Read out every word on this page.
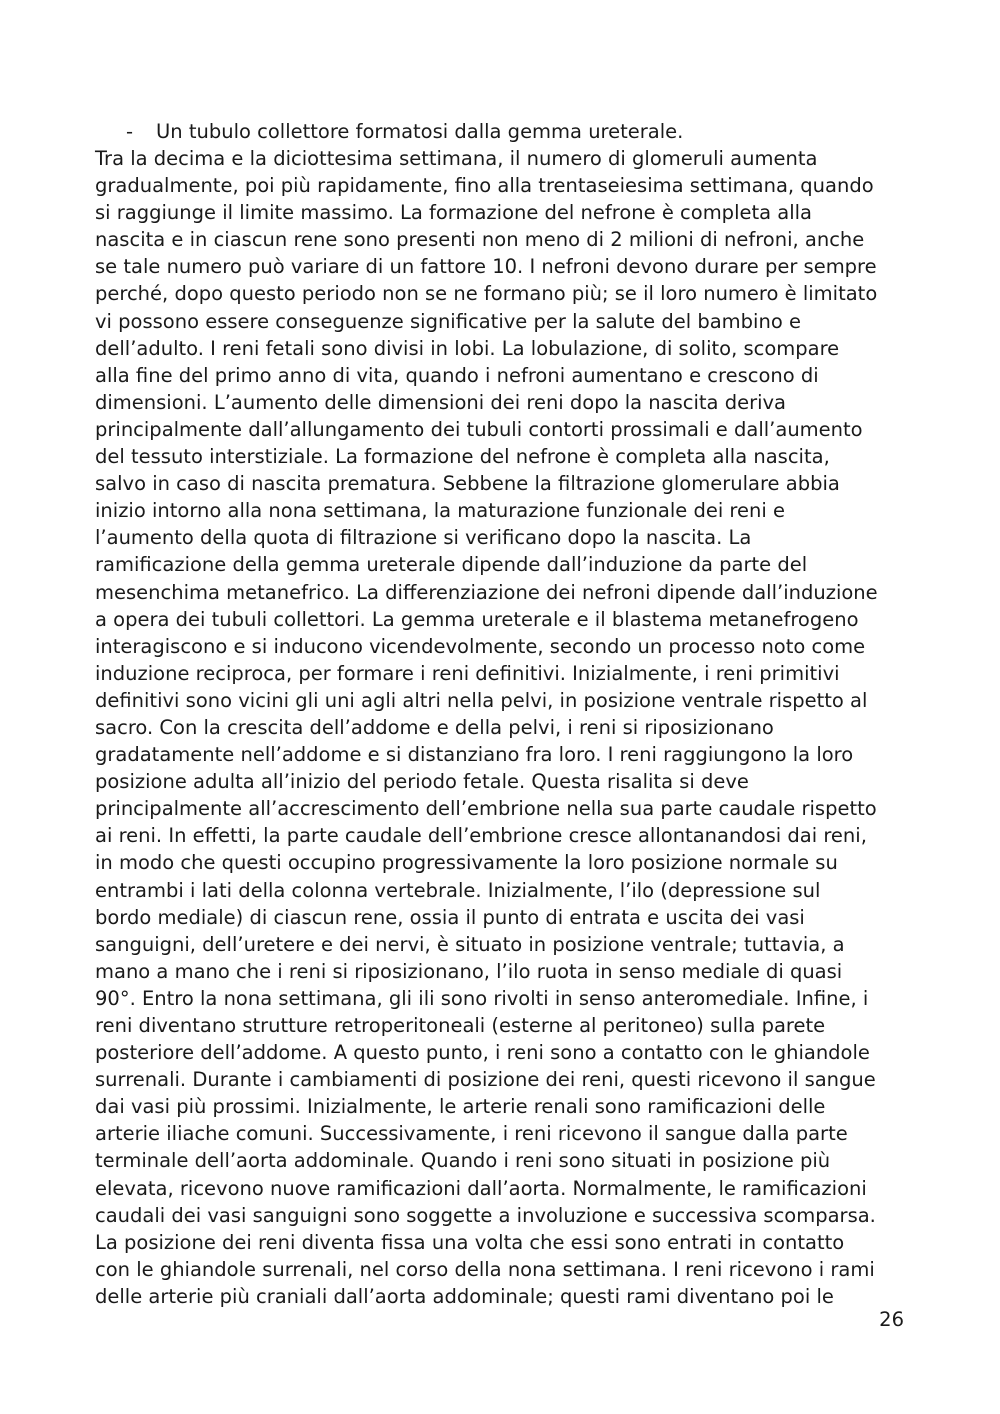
- Un tubulo collettore formatosi dalla gemma ureterale.
Tra la decima e la diciottesima settimana, il numero di glomeruli aumenta
gradualmente, poi più rapidamente, fino alla trentaseiesima settimana, quando
si raggiunge il limite massimo. La formazione del nefrone è completa alla
nascita e in ciascun rene sono presenti non meno di 2 milioni di nefroni, anche
se tale numero può variare di un fattore 10. I nefroni devono durare per sempre
perché, dopo questo periodo non se ne formano più; se il loro numero è limitato
vi possono essere conseguenze significative per la salute del bambino e
dell’adulto. I reni fetali sono divisi in lobi. La lobulazione, di solito, scompare
alla fine del primo anno di vita, quando i nefroni aumentano e crescono di
dimensioni. L’aumento delle dimensioni dei reni dopo la nascita deriva
principalmente dall’allungamento dei tubuli contorti prossimali e dall’aumento
del tessuto interstiziale. La formazione del nefrone è completa alla nascita,
salvo in caso di nascita prematura. Sebbene la filtrazione glomerulare abbia
inizio intorno alla nona settimana, la maturazione funzionale dei reni e
l’aumento della quota di filtrazione si verificano dopo la nascita. La
ramificazione della gemma ureterale dipende dall’induzione da parte del
mesenchima metanefrico. La differenziazione dei nefroni dipende dall’induzione
a opera dei tubuli collettori. La gemma ureterale e il blastema metanefrogeno
interagiscono e si inducono vicendevolmente, secondo un processo noto come
induzione reciproca, per formare i reni definitivi. Inizialmente, i reni primitivi
definitivi sono vicini gli uni agli altri nella pelvi, in posizione ventrale rispetto al
sacro. Con la crescita dell’addome e della pelvi, i reni si riposizionano
gradatamente nell’addome e si distanziano fra loro. I reni raggiungono la loro
posizione adulta all’inizio del periodo fetale. Questa risalita si deve
principalmente all’accrescimento dell’embrione nella sua parte caudale rispetto
ai reni. In effetti, la parte caudale dell’embrione cresce allontanandosi dai reni,
in modo che questi occupino progressivamente la loro posizione normale su
entrambi i lati della colonna vertebrale. Inizialmente, l’ilo (depressione sul
bordo mediale) di ciascun rene, ossia il punto di entrata e uscita dei vasi
sanguigni, dell’uretere e dei nervi, è situato in posizione ventrale; tuttavia, a
mano a mano che i reni si riposizionano, l’ilo ruota in senso mediale di quasi
90°. Entro la nona settimana, gli ili sono rivolti in senso anteromediale. Infine, i
reni diventano strutture retroperitoneali (esterne al peritoneo) sulla parete
posteriore dell’addome. A questo punto, i reni sono a contatto con le ghiandole
surrenali. Durante i cambiamenti di posizione dei reni, questi ricevono il sangue
dai vasi più prossimi. Inizialmente, le arterie renali sono ramificazioni delle
arterie iliache comuni. Successivamente, i reni ricevono il sangue dalla parte
terminale dell’aorta addominale. Quando i reni sono situati in posizione più
elevata, ricevono nuove ramificazioni dall’aorta. Normalmente, le ramificazioni
caudali dei vasi sanguigni sono soggette a involuzione e successiva scomparsa.
La posizione dei reni diventa fissa una volta che essi sono entrati in contatto
con le ghiandole surrenali, nel corso della nona settimana. I reni ricevono i rami
delle arterie più craniali dall’aorta addominale; questi rami diventano poi le
26
